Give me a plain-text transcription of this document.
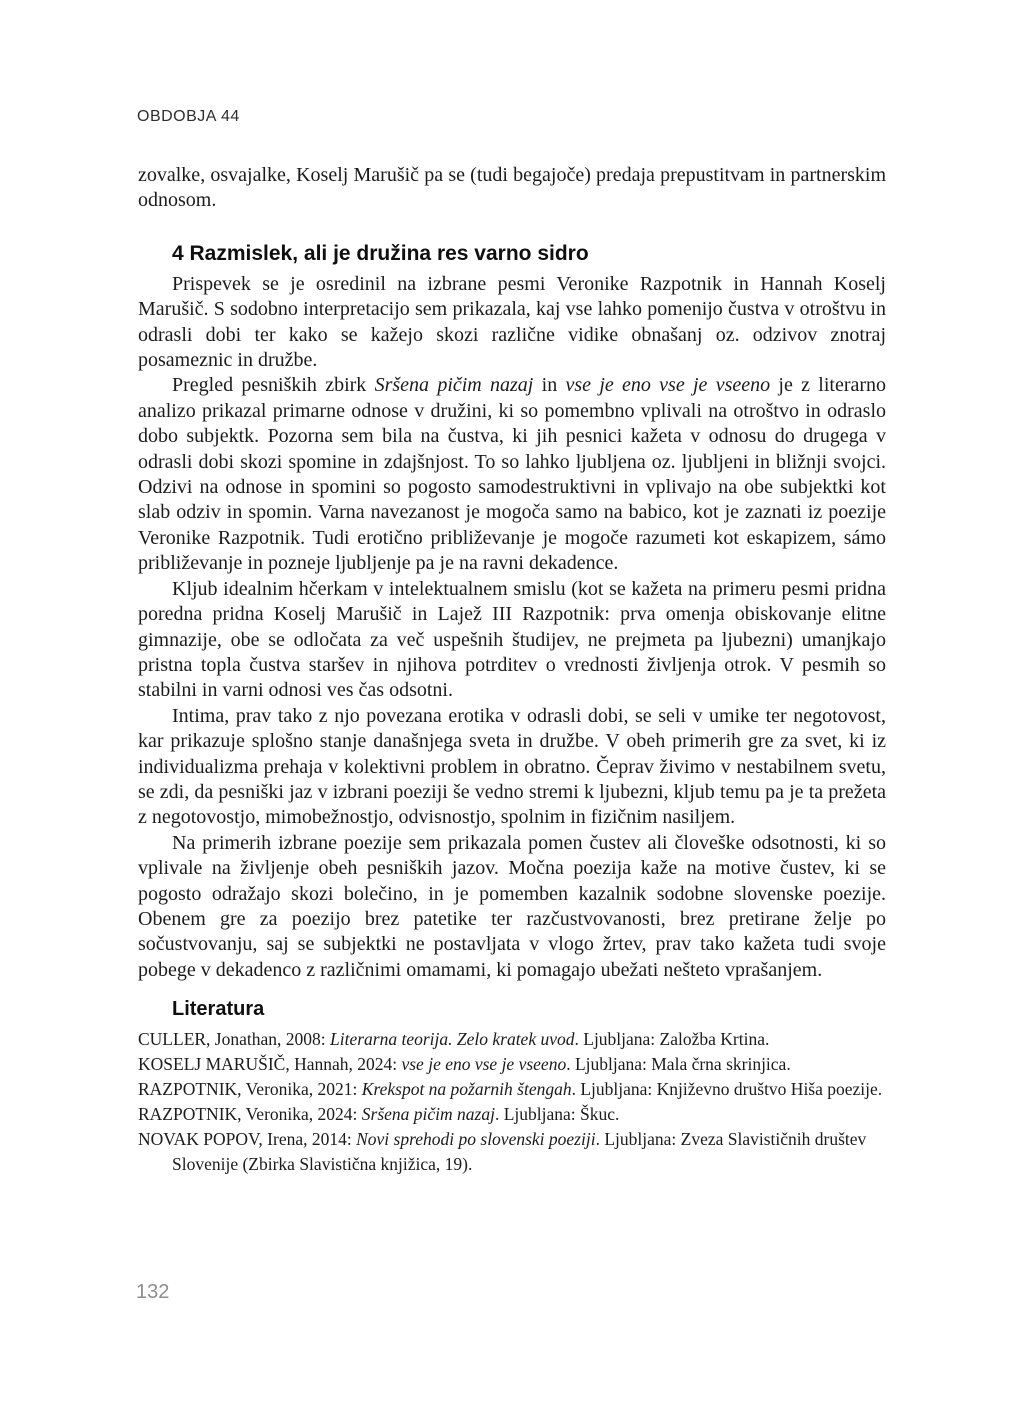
OBDOBJA 44

zovalke, osvajalke, Koselj Marušič pa se (tudi begajoče) predaja prepustitvam in partnerskim odnosom.

4 Razmislek, ali je družina res varno sidro

Prispevek se je osredinil na izbrane pesmi Veronike Razpotnik in Hannah Koselj Marušič. S sodobno interpretacijo sem prikazala, kaj vse lahko pomenijo čustva v otroštvu in odrasli dobi ter kako se kažejo skozi različne vidike obnašanj oz. odzivov znotraj posameznic in družbe.

Pregled pesniških zbirk Sršena pičim nazaj in vse je eno vse je vseeno je z literarno analizo prikazal primarne odnose v družini, ki so pomembno vplivali na otroštvo in odraslo dobo subjektk. Pozorna sem bila na čustva, ki jih pesnici kažeta v odnosu do drugega v odrasli dobi skozi spomine in zdajšnjost. To so lahko ljubljena oz. ljubljeni in bližnji svojci. Odzivi na odnose in spomini so pogosto samodestruktivni in vplivajo na obe subjektki kot slab odziv in spomin. Varna navezanost je mogoča samo na babico, kot je zaznati iz poezije Veronike Razpotnik. Tudi erotično približevanje je mogoče razumeti kot eskapizem, sámo približevanje in pozneje ljubljenje pa je na ravni dekadence.

Kljub idealnim hčerkam v intelektualnem smislu (kot se kažeta na primeru pesmi pridna poredna pridna Koselj Marušič in Lajež III Razpotnik: prva omenja obiskovanje elitne gimnazije, obe se odločata za več uspešnih študijev, ne prejmeta pa ljubezni) umanjkajo pristna topla čustva staršev in njihova potrditev o vrednosti življenja otrok. V pesmih so stabilni in varni odnosi ves čas odsotni.

Intima, prav tako z njo povezana erotika v odrasli dobi, se seli v umike ter negotovost, kar prikazuje splošno stanje današnjega sveta in družbe. V obeh primerih gre za svet, ki iz individualizma prehaja v kolektivni problem in obratno. Čeprav živimo v nestabilnem svetu, se zdi, da pesniški jaz v izbrani poeziji še vedno stremi k ljubezni, kljub temu pa je ta prežeta z negotovostjo, mimobežnostjo, odvisnostjo, spolnim in fizičnim nasiljem.

Na primerih izbrane poezije sem prikazala pomen čustev ali človeške odsotnosti, ki so vplivale na življenje obeh pesniških jazov. Močna poezija kaže na motive čustev, ki se pogosto odražajo skozi bolečino, in je pomemben kazalnik sodobne slovenske poezije. Obenem gre za poezijo brez patetike ter razčustvovanosti, brez pretirane želje po sočustvovanju, saj se subjektki ne postavljata v vlogo žrtev, prav tako kažeta tudi svoje pobege v dekadenco z različnimi omamami, ki pomagajo ubežati nešteto vprašanjem.

Literatura

CULLER, Jonathan, 2008: Literarna teorija. Zelo kratek uvod. Ljubljana: Založba Krtina.

KOSELJ MARUŠIČ, Hannah, 2024: vse je eno vse je vseeno. Ljubljana: Mala črna skrinjica.

RAZPOTNIK, Veronika, 2021: Krekspot na požarnih štengah. Ljubljana: Književno društvo Hiša poezije.

RAZPOTNIK, Veronika, 2024: Sršena pičim nazaj. Ljubljana: Škuc.

NOVAK POPOV, Irena, 2014: Novi sprehodi po slovenski poeziji. Ljubljana: Zveza Slavističnih društev Slovenije (Zbirka Slavistična knjižica, 19).

132
